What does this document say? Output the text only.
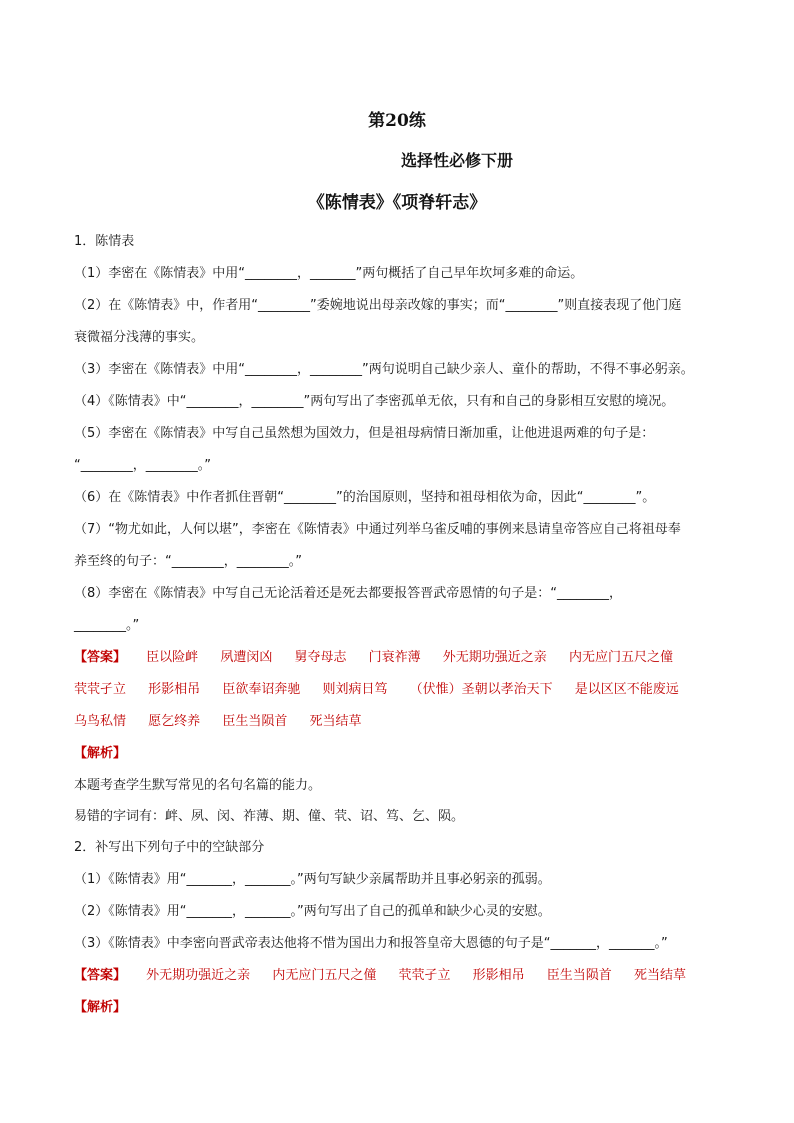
第20练
选择性必修下册
《陈情表》《项脊轩志》
1．陈情表
（1）李密在《陈情表》中用“________，_______”两句概括了自己早年坎坷多难的命运。
（2）在《陈情表》中，作者用“________”委婉地说出母亲改嫁的事实；而“________”则直接表现了他门庭
衰微福分浅薄的事实。
（3）李密在《陈情表》中用“________，________”两句说明自己缺少亲人、童仆的帮助，不得不事必躬亲。
（4）《陈情表》中“________，________”两句写出了李密孤单无依，只有和自己的身影相互安慰的境况。
（5）李密在《陈情表》中写自己虽然想为国效力，但是祖母病情日渐加重，让他进退两难的句子是：
“________，________。”
（6）在《陈情表》中作者抓住晋朝“________”的治国原则，坚持和祖母相依为命，因此“________”。
（7）“物尤如此，人何以堪”，李密在《陈情表》中通过列举乌雀反哺的事例来恳请皇帝答应自己将祖母奉
养至终的句子：“________，________。”
（8）李密在《陈情表》中写自己无论活着还是死去都要报答晋武帝恩情的句子是：“________，
________。”
【答案】 臣以险衅 夙遭闵凶 舅夺母志 门衰祚薄 外无期功强近之亲 内无应门五尺之僮
茕茕孑立 形影相吊 臣欲奉诏奔驰 则刘病日笃 （伏惟）圣朝以孝治天下 是以区区不能废远
乌鸟私情 愿乞终养 臣生当陨首 死当结草
【解析】
本题考查学生默写常见的名句名篇的能力。
易错的字词有：衅、夙、闵、祚薄、期、僮、茕、诏、笃、乞、陨。
2．补写出下列句子中的空缺部分
（1）《陈情表》用“_______，_______。”两句写缺少亲属帮助并且事必躬亲的孤弱。
（2）《陈情表》用“_______，_______。”两句写出了自己的孤单和缺少心灵的安慰。
（3）《陈情表》中李密向晋武帝表达他将不惜为国出力和报答皇帝大恩德的句子是“_______，_______。”
【答案】 外无期功强近之亲 内无应门五尺之僮 茕茕孑立 形影相吊 臣生当陨首 死当结草
【解析】
